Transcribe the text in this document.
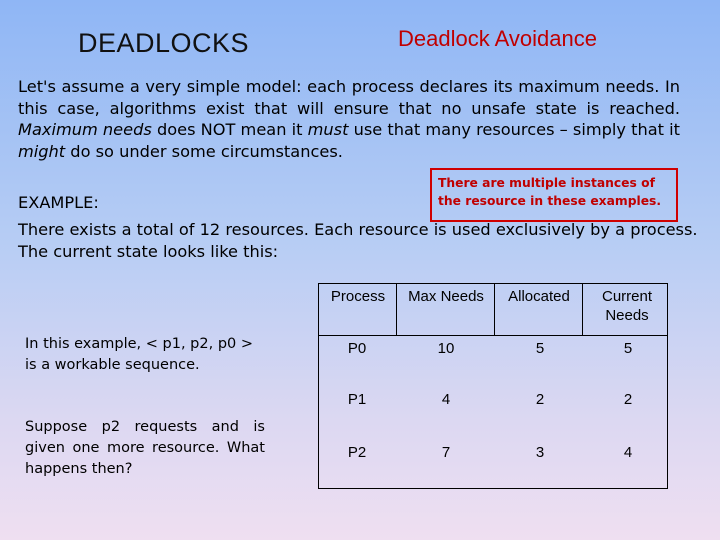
DEADLOCKS	Deadlock Avoidance
Let's assume a very simple model: each process declares its maximum needs. In this case, algorithms exist that will ensure that no unsafe state is reached. Maximum needs does NOT mean it must use that many resources – simply that it might do so under some circumstances.
There are multiple instances of the resource in these examples.
EXAMPLE:
There exists a total of 12 resources. Each resource is used exclusively by a process. The current state looks like this:
In this example, < p1, p2, p0 > is a workable sequence.
Suppose p2 requests and is given one more resource. What happens then?
Process	Max Needs	Allocated	Current Needs
P0	10	5	5
P1	4	2	2
P2	7	3	4
